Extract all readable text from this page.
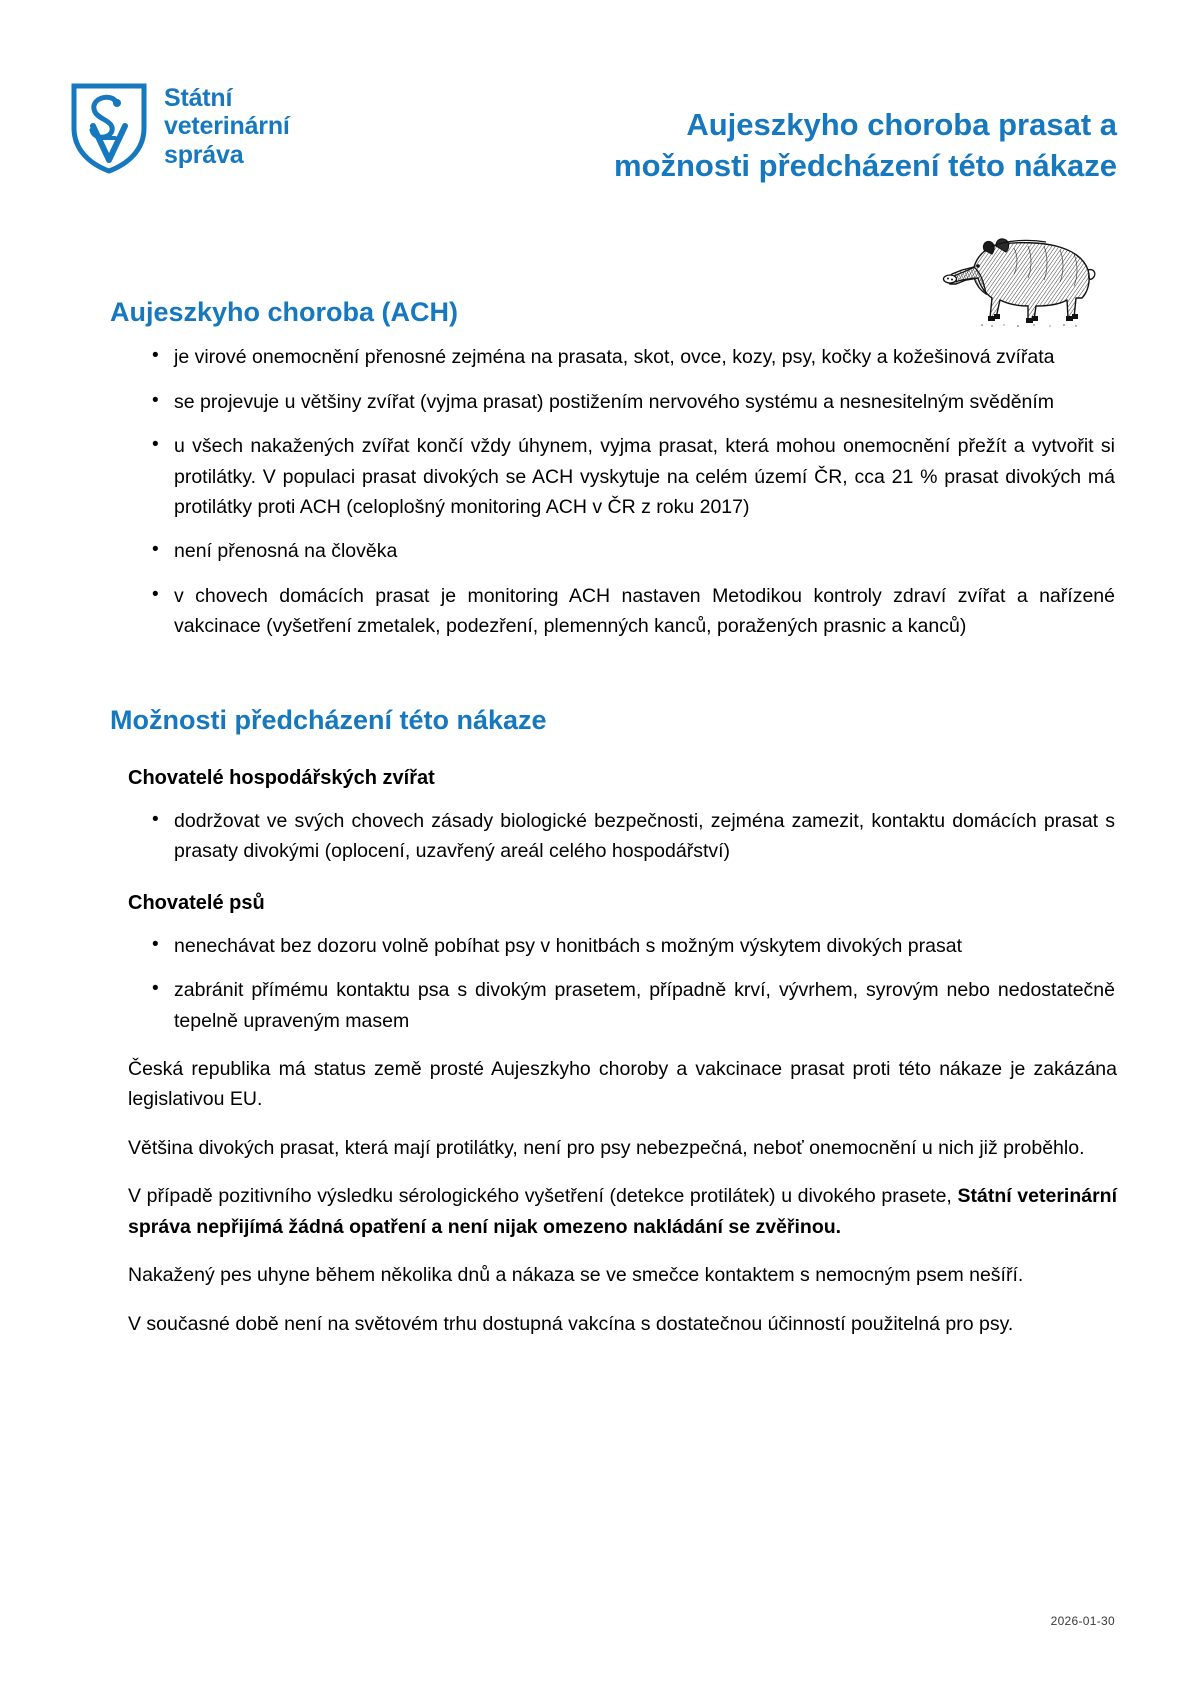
Státní
veterinární
správa
Aujeszkyho choroba prasat a
možnosti předcházení této nákaze
Aujeszkyho choroba (ACH)
• je virové onemocnění přenosné zejména na prasata, skot, ovce, kozy, psy, kočky a kožešinová zvířata
• se projevuje u většiny zvířat (vyjma prasat) postižením nervového systému a nesnesitelným svěděním
• u všech nakažených zvířat končí vždy úhynem, vyjma prasat, která mohou onemocnění přežít a vytvořit si protilátky. V populaci prasat divokých se ACH vyskytuje na celém území ČR, cca 21 % prasat divokých má protilátky proti ACH (celoplošný monitoring ACH v ČR z roku 2017)
• není přenosná na člověka
• v chovech domácích prasat je monitoring ACH nastaven Metodikou kontroly zdraví zvířat a nařízené vakcinace (vyšetření zmetalek, podezření, plemenných kanců, poražených prasnic a kanců)
Možnosti předcházení této nákaze
Chovatelé hospodářských zvířat
• dodržovat ve svých chovech zásady biologické bezpečnosti, zejména zamezit, kontaktu domácích prasat s prasaty divokými (oplocení, uzavřený areál celého hospodářství)
Chovatelé psů
• nenechávat bez dozoru volně pobíhat psy v honitbách s možným výskytem divokých prasat
• zabránit přímému kontaktu psa s divokým prasetem, případně krví, vývrhem, syrovým nebo nedostatečně tepelně upraveným masem

Česká republika má status země prosté Aujeszkyho choroby a vakcinace prasat proti této nákaze je zakázána legislativou EU.

Většina divokých prasat, která mají protilátky, není pro psy nebezpečná, neboť onemocnění u nich již proběhlo.

V případě pozitivního výsledku sérologického vyšetření (detekce protilátek) u divokého prasete, Státní veterinární správa nepřijímá žádná opatření a není nijak omezeno nakládání se zvěřinou.

Nakažený pes uhyne během několika dnů a nákaza se ve smečce kontaktem s nemocným psem nešíří.

V současné době není na světovém trhu dostupná vakcína s dostatečnou účinností použitelná pro psy.

2026-01-30
